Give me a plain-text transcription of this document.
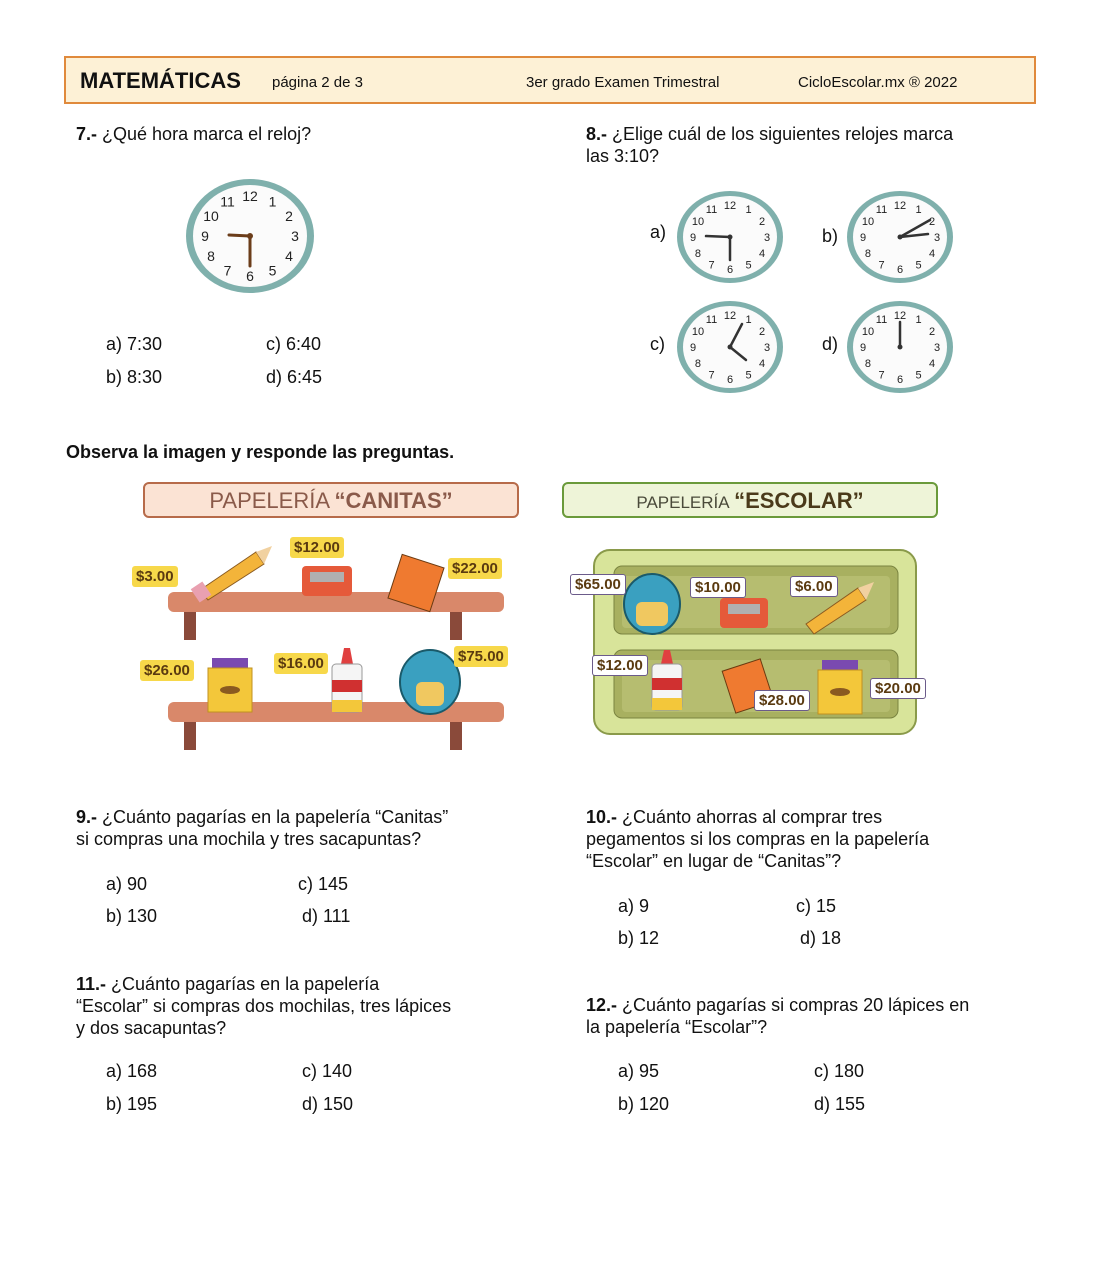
MATEMÁTICAS página 2 de 3	3er grado Examen Trimestral	CicloEscolar.mx ® 2022
7.- ¿Qué hora marca el reloj?
12 1
2
3
4
5
6
7
8
9
10
11
a) 7:30	c) 6:40
b) 8:30	d) 6:45
8.- ¿Elige cuál de los siguientes relojes marca
las 3:10?
a)	b)
c)	d)
12 1
2
3
4
5
6
7
8
9
10
11	12 1
2
3
4
5
6
7
8
9
10
11
12 1
2
3
4
5
6
7
8
9
10
11	12 1
2
3
4
5
6
7
8
9
10
11
Observa la imagen y responde las preguntas.
PAPELERÍA “CANITAS”
$3.00
$12.00
$22.00
$26.00	$16.00	$75.00
PAPELERÍA “ESCOLAR”
$65.00	$10.00	$6.00
$12.00
$28.00
$20.00
9.- ¿Cuánto pagarías en la papelería “Canitas”
si compras una mochila y tres sacapuntas?
a) 90	c) 145
b) 130	d) 111
10.- ¿Cuánto ahorras al comprar tres
pegamentos si los compras en la papelería
“Escolar” en lugar de “Canitas”?
a) 9	c) 15
b) 12	d) 18
11.- ¿Cuánto pagarías en la papelería
“Escolar” si compras dos mochilas, tres lápices
y dos sacapuntas?
a) 168	c) 140
b) 195	d) 150
12.- ¿Cuánto pagarías si compras 20 lápices en
la papelería “Escolar”?
a) 95	c) 180
b) 120	d) 155
